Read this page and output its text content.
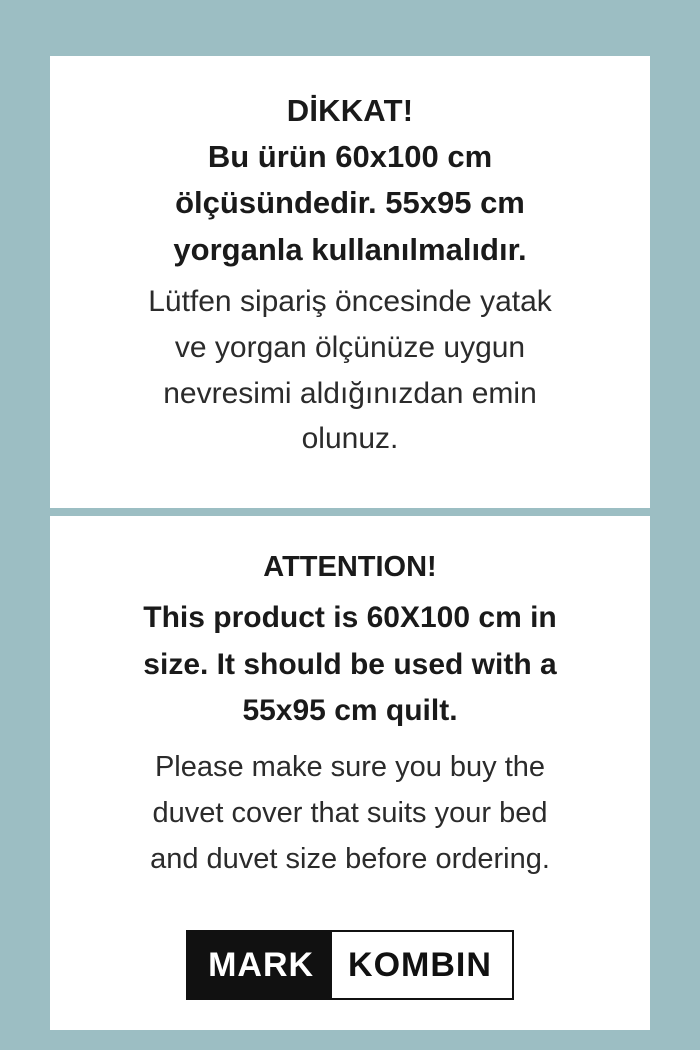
DİKKAT!

Bu ürün 60x100 cm
ölçüsündedir. 55x95 cm
yorganla kullanılmalıdır.
Lütfen sipariş öncesinde yatak
ve yorgan ölçünüze uygun
nevresimi aldığınızdan emin
olunuz.

ATTENTION!

This product is 60X100 cm in
size. It should be used with a
55x95 cm quilt.
Please make sure you buy the
duvet cover that suits your bed
and duvet size before ordering.
MARK	KOMBIN
